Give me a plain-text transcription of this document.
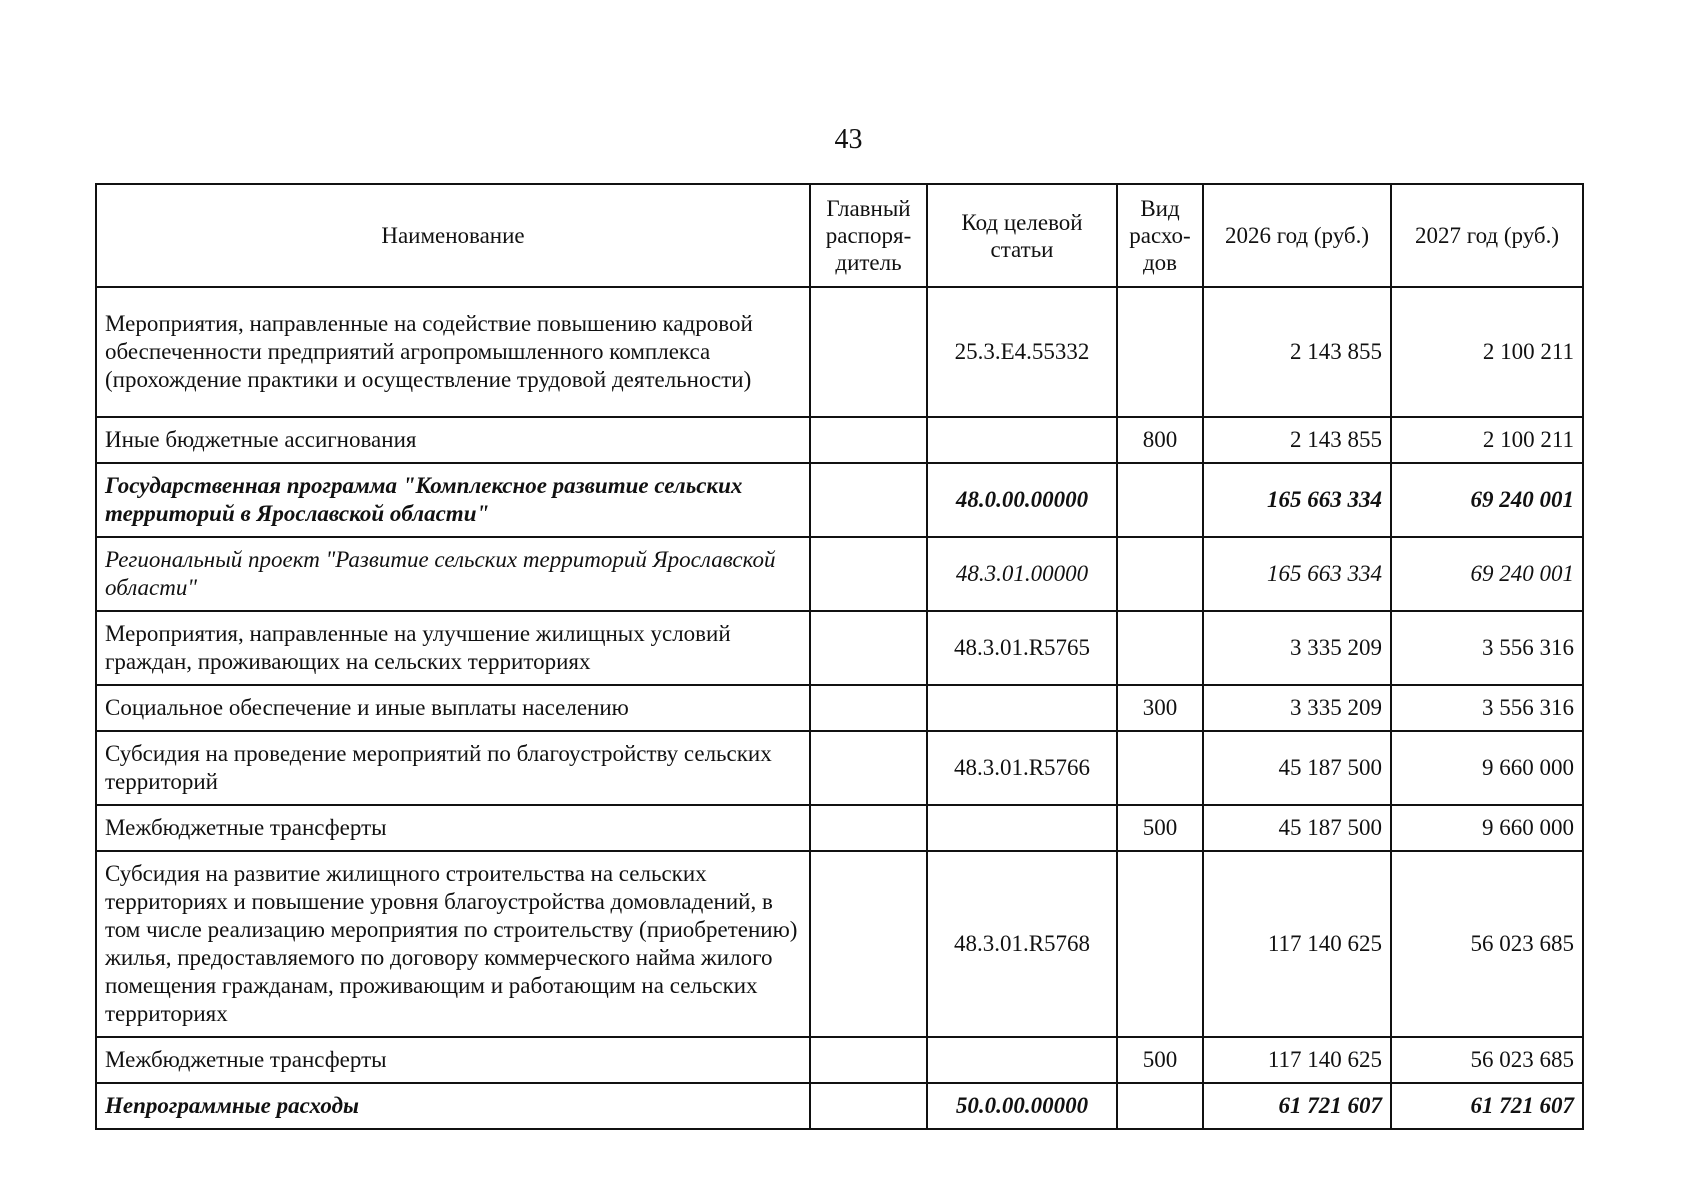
43
Наименование	Главный распоря-дитель	Код целевой статьи	Вид расхо-дов	2026 год (руб.)	2027 год (руб.)
Мероприятия, направленные на содействие повышению кадровой обеспеченности предприятий агропромышленного комплекса (прохождение практики и осуществление трудовой деятельности)		25.3.Е4.55332		2 143 855	2 100 211
Иные бюджетные ассигнования			800	2 143 855	2 100 211
Государственная программа "Комплексное развитие сельских территорий в Ярославской области"		48.0.00.00000		165 663 334	69 240 001
Региональный проект "Развитие сельских территорий Ярославской области"		48.3.01.00000		165 663 334	69 240 001
Мероприятия, направленные на улучшение жилищных условий граждан, проживающих на сельских территориях		48.3.01.R5765		3 335 209	3 556 316
Социальное обеспечение и иные выплаты населению			300	3 335 209	3 556 316
Субсидия на проведение мероприятий по благоустройству сельских территорий		48.3.01.R5766		45 187 500	9 660 000
Межбюджетные трансферты			500	45 187 500	9 660 000
Субсидия на развитие жилищного строительства на сельских территориях и повышение уровня благоустройства домовладений, в том числе реализацию мероприятия по строительству (приобретению) жилья, предоставляемого по договору коммерческого найма жилого помещения гражданам, проживающим и работающим на сельских территориях		48.3.01.R5768		117 140 625	56 023 685
Межбюджетные трансферты			500	117 140 625	56 023 685
Непрограммные расходы		50.0.00.00000		61 721 607	61 721 607
